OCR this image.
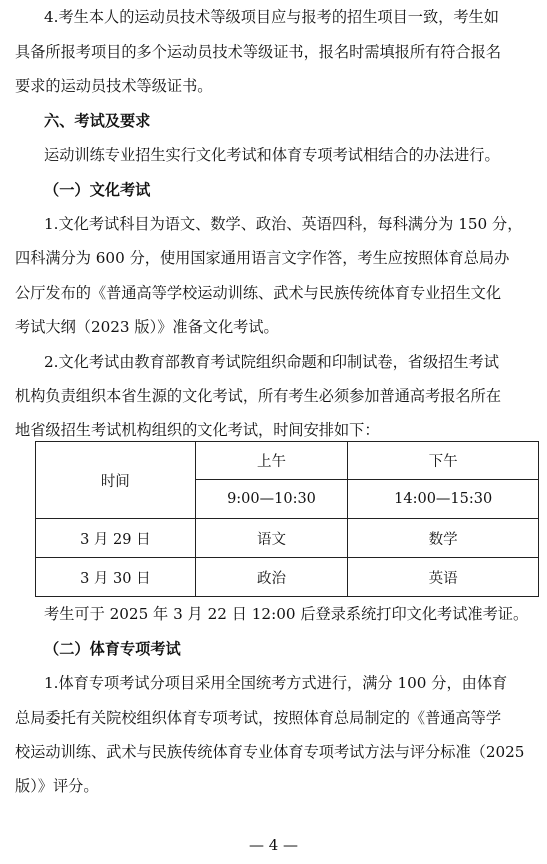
4.考生本人的运动员技术等级项目应与报考的招生项目一致，考生如
具备所报考项目的多个运动员技术等级证书，报名时需填报所有符合报名
要求的运动员技术等级证书。
六、考试及要求
运动训练专业招生实行文化考试和体育专项考试相结合的办法进行。
（一）文化考试
1.文化考试科目为语文、数学、政治、英语四科，每科满分为 150 分，
四科满分为 600 分，使用国家通用语言文字作答，考生应按照体育总局办
公厅发布的《普通高等学校运动训练、武术与民族传统体育专业招生文化
考试大纲（2023 版）》准备文化考试。
2.文化考试由教育部教育考试院组织命题和印制试卷，省级招生考试
机构负责组织本省生源的文化考试，所有考生必须参加普通高考报名所在
地省级招生考试机构组织的文化考试，时间安排如下：
时间	上午	下午
	9:00—10:30	14:00—15:30
3 月 29 日	语文	数学
3 月 30 日	政治	英语
考生可于 2025 年 3 月 22 日 12:00 后登录系统打印文化考试准考证。
（二）体育专项考试
1.体育专项考试分项目采用全国统考方式进行，满分 100 分，由体育
总局委托有关院校组织体育专项考试，按照体育总局制定的《普通高等学
校运动训练、武术与民族传统体育专业体育专项考试方法与评分标准（2025
版）》评分。
— 4 —
